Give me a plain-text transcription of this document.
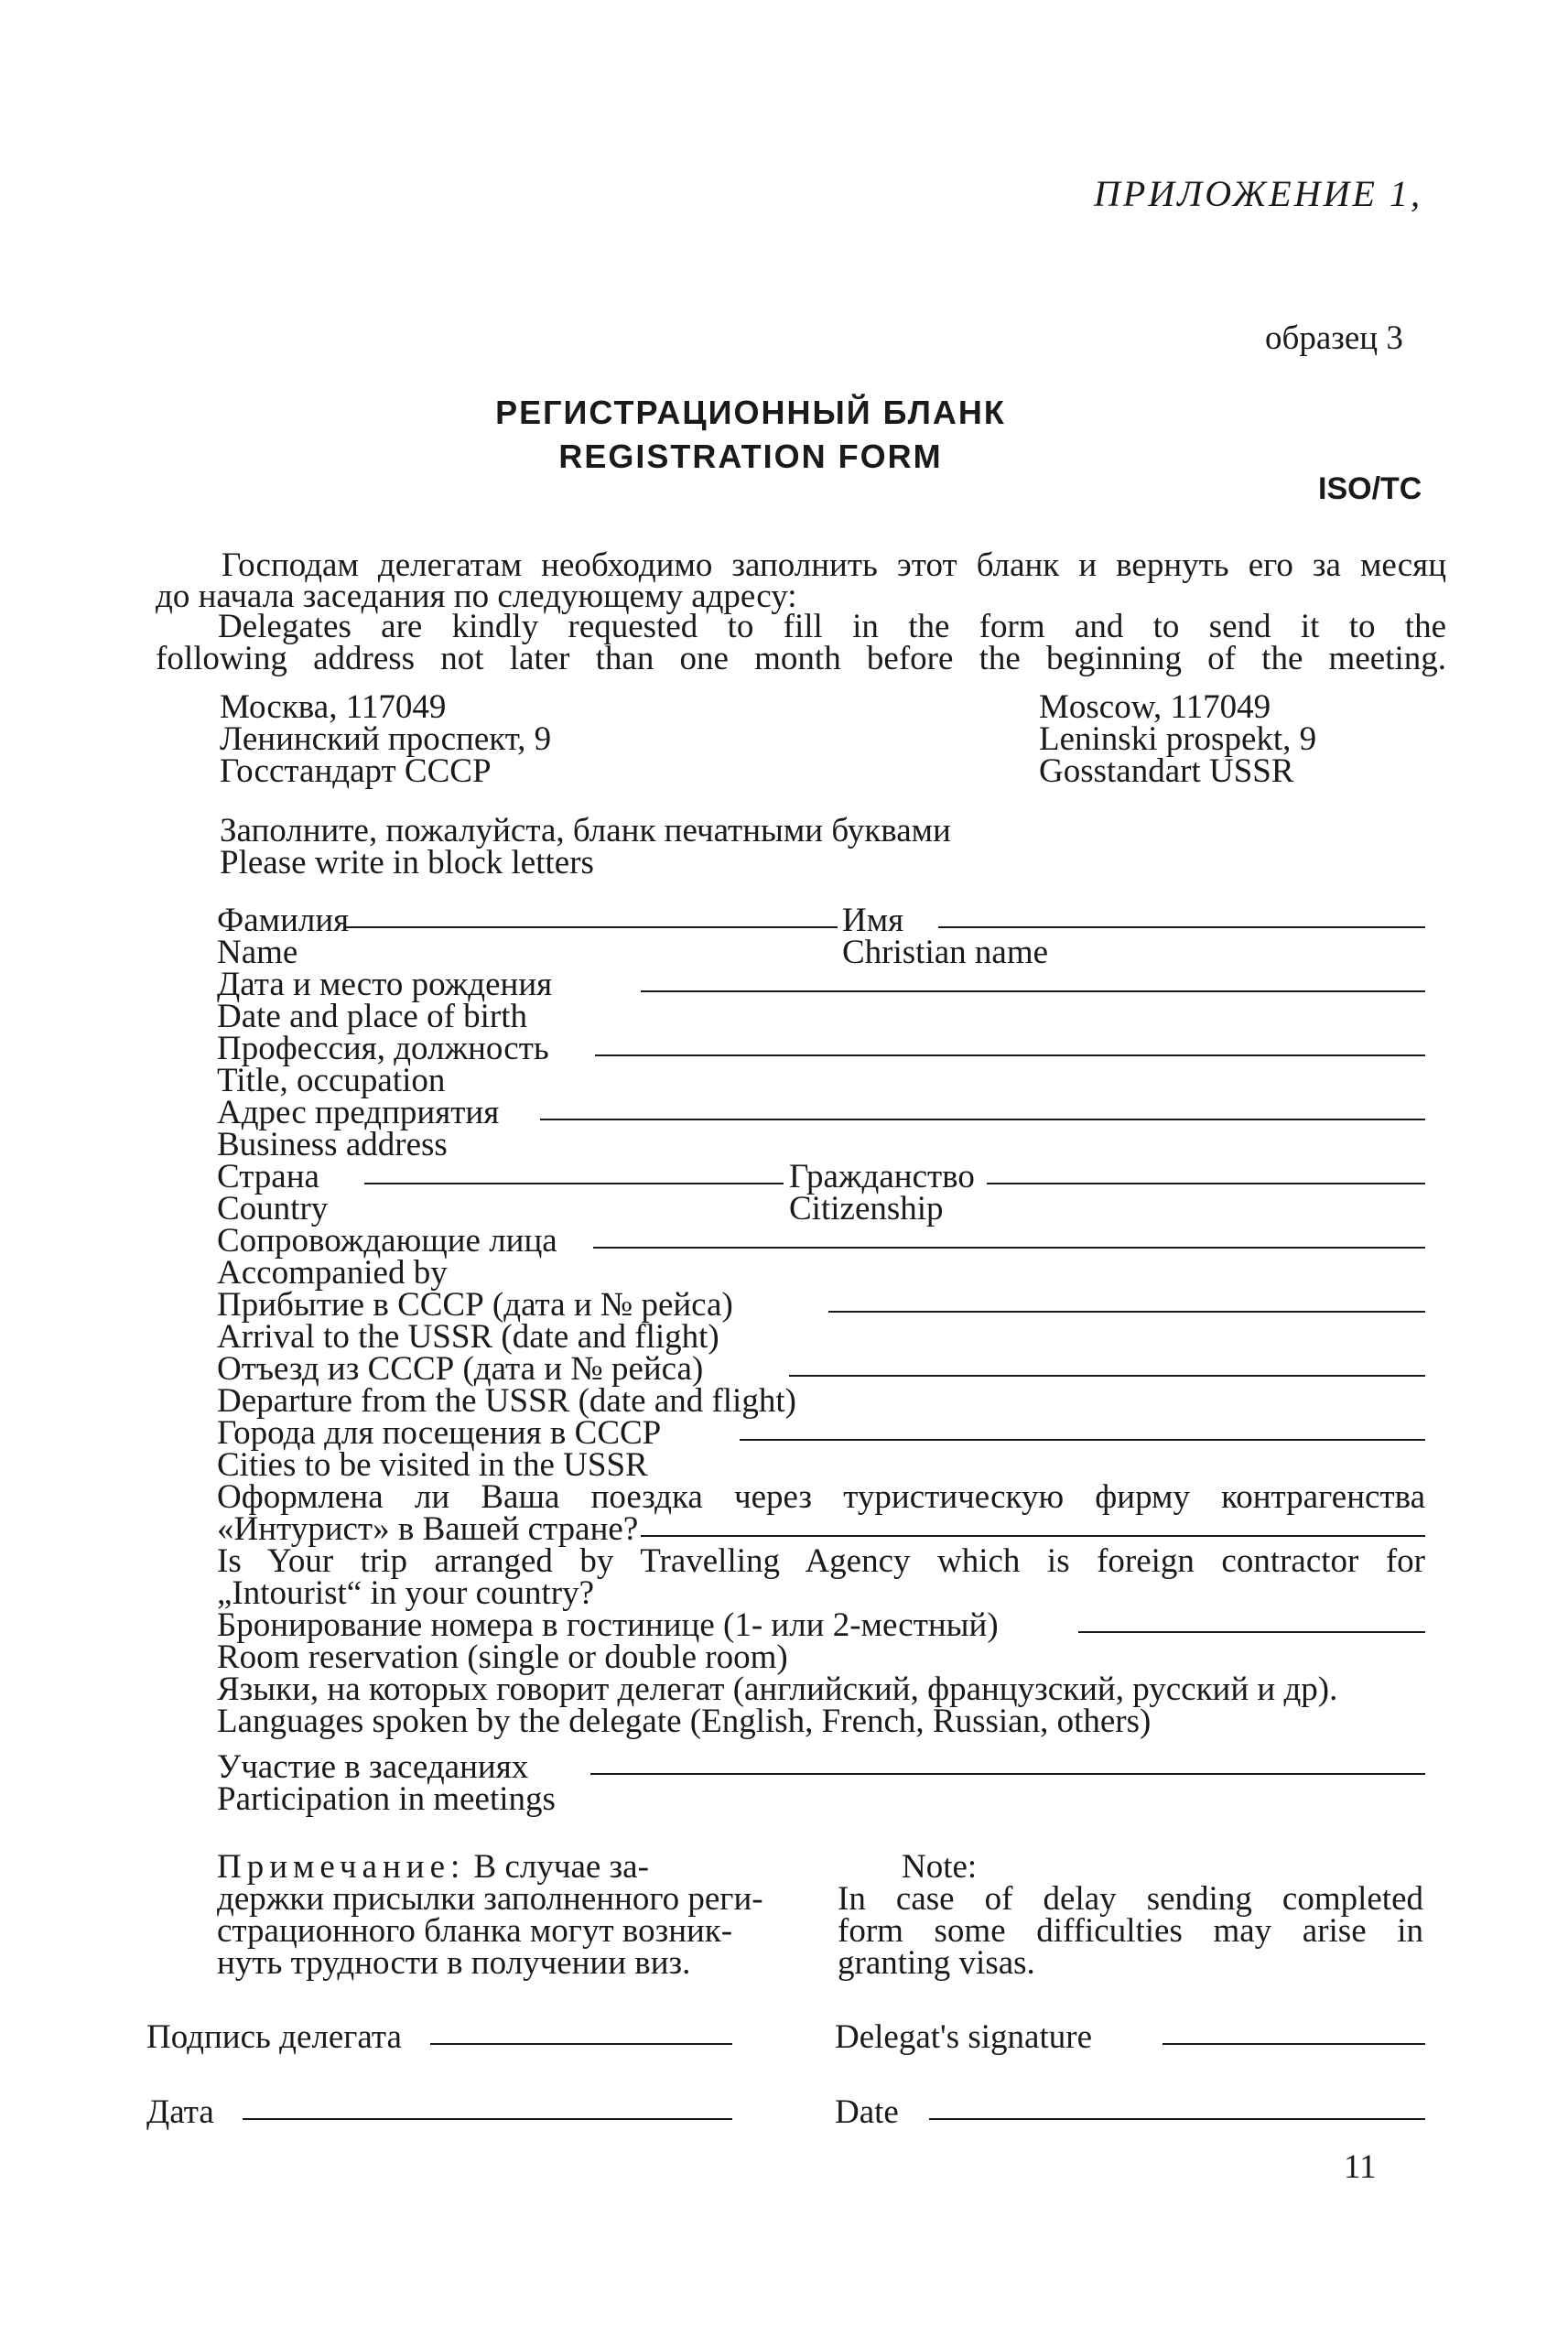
ПРИЛОЖЕНИЕ 1,
образец 3
РЕГИСТРАЦИОННЫЙ БЛАНК
REGISTRATION FORM
ISO/TC
Господам делегатам необходимо заполнить этот бланк и вернуть его за месяц
до начала заседания по следующему адресу:
Delegates are kindly requested to fill in the form and to send it to the
following address not later than one month before the beginning of the meeting.
Москва, 117049
Ленинский проспект, 9
Госстандарт СССР
Moscow, 117049
Leninski prospekt, 9
Gosstandart USSR
Заполните, пожалуйста, бланк печатными буквами
Please write in block letters
Фамилия	Имя
Name	Christian name
Дата и место рождения
Date and place of birth
Профессия, должность
Title, occupation
Адрес предприятия
Business address
Страна	Гражданство
Country	Citizenship
Сопровождающие лица
Accompanied by
Прибытие в СССР (дата и № рейса)
Arrival to the USSR (date and flight)
Отъезд из СССР (дата и № рейса)
Departure from the USSR (date and flight)
Города для посещения в СССР
Cities to be visited in the USSR
Оформлена ли Ваша поездка через туристическую фирму контрагенства
«Интурист» в Вашей стране?
Is Your trip arranged by Travelling Agency which is foreign contractor for
„Intourist“ in your country?
Бронирование номера в гостинице (1- или 2-местный)
Room reservation (single or double room)
Языки, на которых говорит делегат (английский, французский, русский и др).
Languages spoken by the delegate (English, French, Russian, others)
Участие в заседаниях
Participation in meetings
Примечание: В случае за-
держки присылки заполненного реги-
страционного бланка могут возник-
нуть трудности в получении виз.
Note:
In case of delay sending completed
form some difficulties may arise in
granting visas.
Подпись делегата	Delegat's signature
Дата	Date
11
